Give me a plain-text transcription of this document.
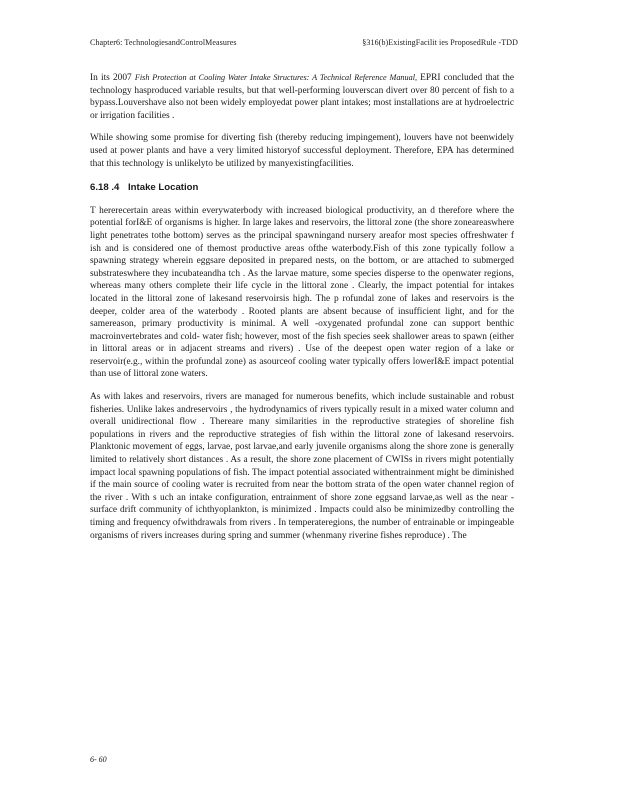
Chapter6: TechnologiesandControlMeasures	§316(b)ExistingFacilit ies ProposedRule -TDD

In its 2007 Fish Protection at Cooling Water Intake Structures: A Technical Reference Manual, EPRI concluded that the technology hasproduced variable results, but that well-performing louverscan divert over 80 percent of fish to a bypass.Louvershave also not been widely employedat power plant intakes; most installations are at hydroelectric or irrigation facilities .

While showing some promise for diverting fish (thereby reducing impingement), louvers have not beenwidely used at power plants and have a very limited historyof successful deployment. Therefore, EPA has determined that this technology is unlikelyto be utilized by manyexistingfacilities.

6.18 .4 Intake Location

T hererecertain areas within everywaterbody with increased biological productivity, an d therefore where the potential forI&E of organisms is higher. In large lakes and reservoirs, the littoral zone (the shore zoneareaswhere light penetrates tothe bottom) serves as the principal spawningand nursery areafor most species offreshwater f ish and is considered one of themost productive areas ofthe waterbody.Fish of this zone typically follow a spawning strategy wherein eggsare deposited in prepared nests, on the bottom, or are attached to submerged substrateswhere they incubateandha tch . As the larvae mature, some species disperse to the openwater regions, whereas many others complete their life cycle in the littoral zone . Clearly, the impact potential for intakes located in the littoral zone of lakesand reservoirsis high. The p rofundal zone of lakes and reservoirs is the deeper, colder area of the waterbody . Rooted plants are absent because of insufficient light, and for the samereason, primary productivity is minimal. A well -oxygenated profundal zone can support benthic macroinvertebrates and cold- water fish; however, most of the fish species seek shallower areas to spawn (either in littoral areas or in adjacent streams and rivers) . Use of the deepest open water region of a lake or reservoir(e.g., within the profundal zone) as asourceof cooling water typically offers lowerI&E impact potential than use of littoral zone waters.

As with lakes and reservoirs, rivers are managed for numerous benefits, which include sustainable and robust fisheries. Unlike lakes andreservoirs , the hydrodynamics of rivers typically result in a mixed water column and overall unidirectional flow . Thereare many similarities in the reproductive strategies of shoreline fish populations in rivers and the reproductive strategies of fish within the littoral zone of lakesand reservoirs. Planktonic movement of eggs, larvae, post larvae,and early juvenile organisms along the shore zone is generally limited to relatively short distances . As a result, the shore zone placement of CWISs in rivers might potentially impact local spawning populations of fish. The impact potential associated withentrainment might be diminished if the main source of cooling water is recruited from near the bottom strata of the open water channel region of the river . With s uch an intake configuration, entrainment of shore zone eggsand larvae,as well as the near -surface drift community of ichthyoplankton, is minimized . Impacts could also be minimizedby controlling the timing and frequency ofwithdrawals from rivers . In temperateregions, the number of entrainable or impingeable organisms of rivers increases during spring and summer (whenmany riverine fishes reproduce) . The

6- 60
